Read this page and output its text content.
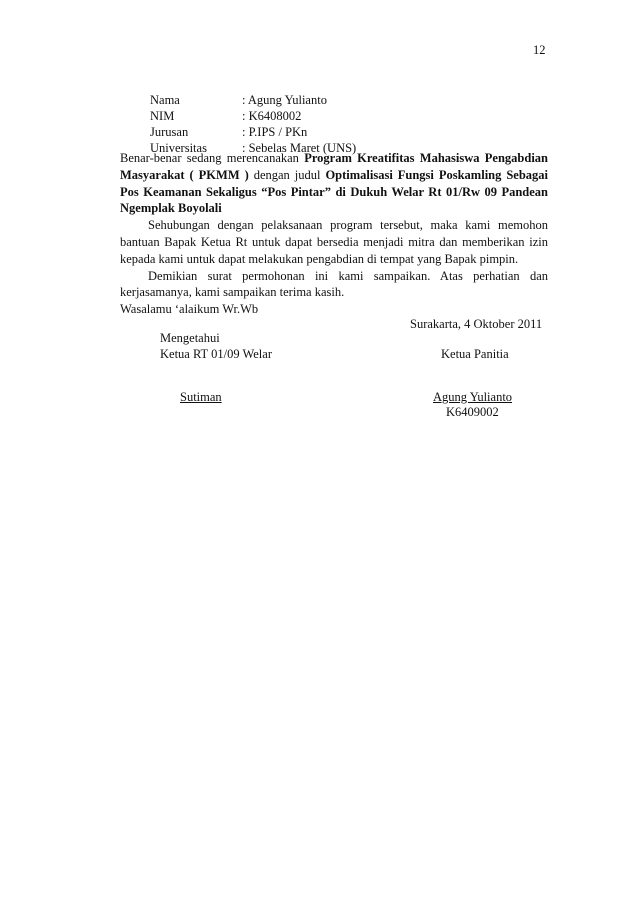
12
Nama	: Agung Yulianto
NIM	: K6408002
Jurusan	: P.IPS / PKn
Universitas	: Sebelas Maret (UNS)

Benar-benar sedang merencanakan Program Kreatifitas Mahasiswa Pengabdian Masyarakat ( PKMM ) dengan judul Optimalisasi Fungsi Poskamling Sebagai Pos Keamanan Sekaligus “Pos Pintar” di Dukuh Welar Rt 01/Rw 09 Pandean Ngemplak Boyolali

Sehubungan dengan pelaksanaan program tersebut, maka kami memohon bantuan Bapak Ketua Rt untuk dapat bersedia menjadi mitra dan memberikan izin kepada kami untuk dapat melakukan pengabdian di tempat yang Bapak pimpin.

Demikian surat permohonan ini kami sampaikan. Atas perhatian dan kerjasamanya, kami sampaikan terima kasih.

Wasalamu ‘alaikum Wr.Wb

Surakarta, 4 Oktober 2011
Mengetahui
Ketua RT 01/09 Welar	Ketua Panitia
Sutiman	Agung Yulianto
K6409002
